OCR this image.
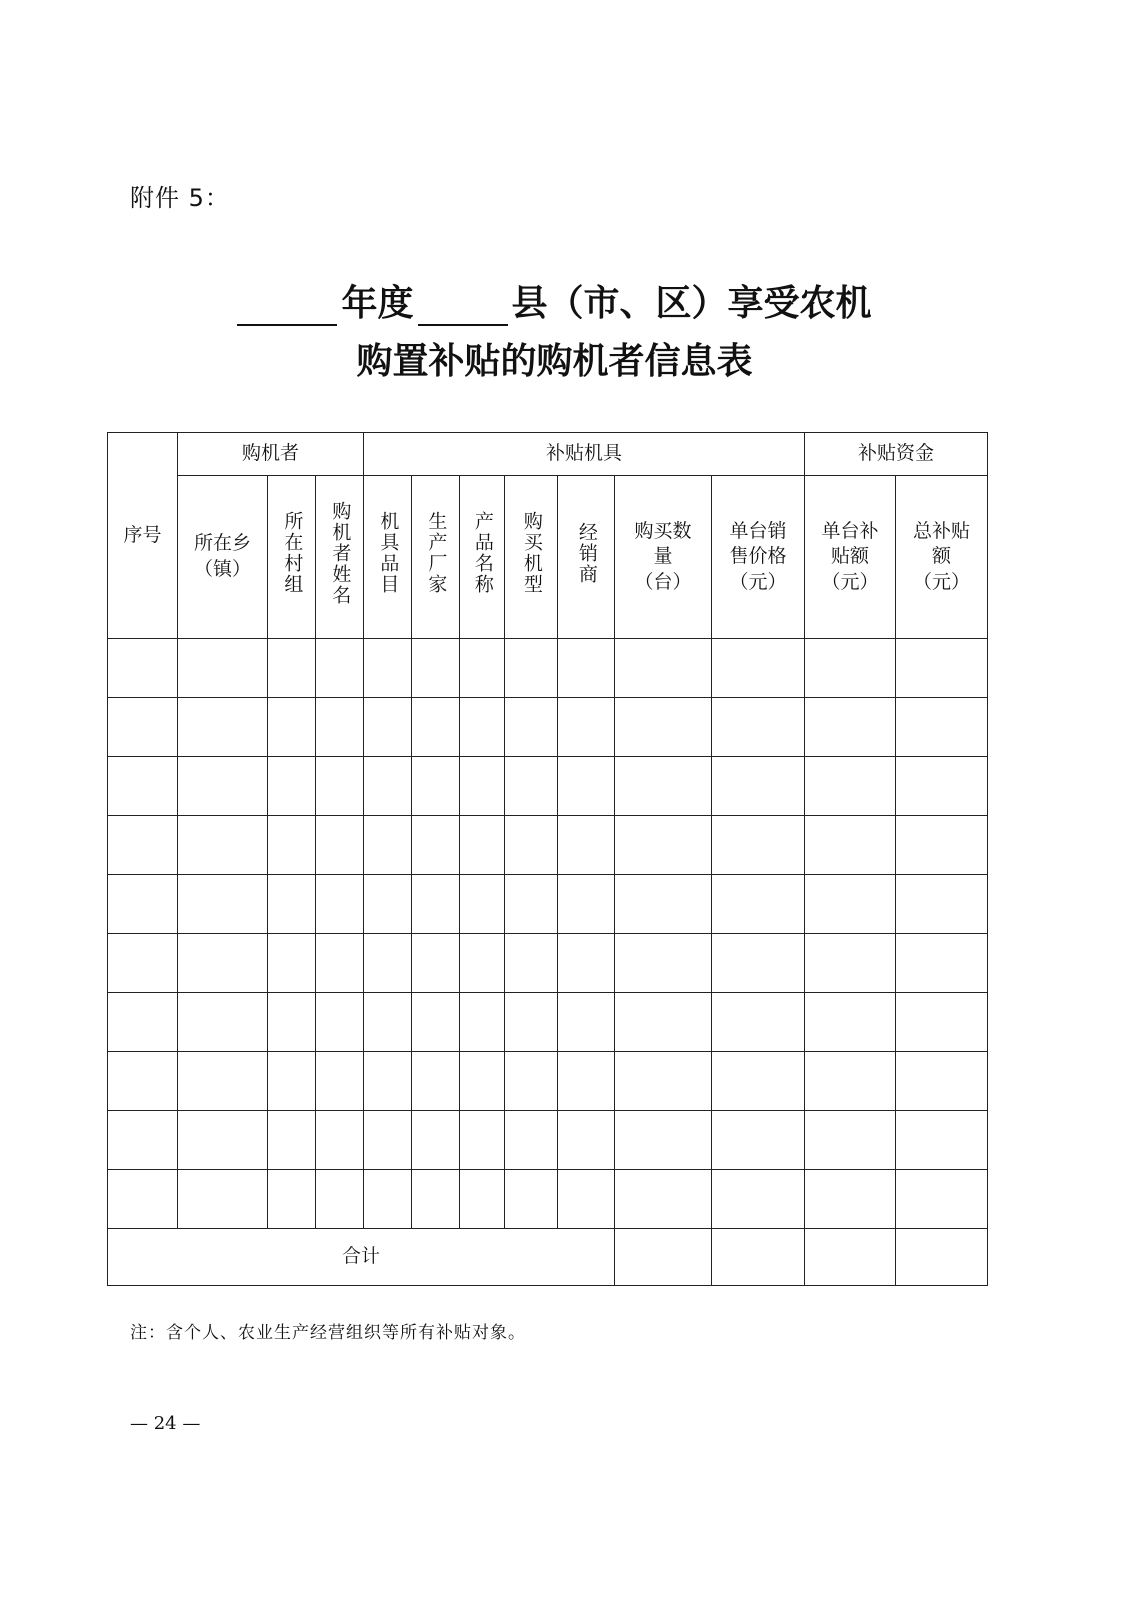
附件 5：
年度	县（市、区）享受农机
购置补贴的购机者信息表
序号	购机者			补贴机具							补贴资金	
	所在乡（镇）	所在村组	购机者姓名	机具品目	生产厂家	产品名称	购买机型	经销商	购买数量（台）	单台销售价格（元）	单台补贴额（元）	总补贴额（元）

合计												
注：含个人、农业生产经营组织等所有补贴对象。
— 24 —
